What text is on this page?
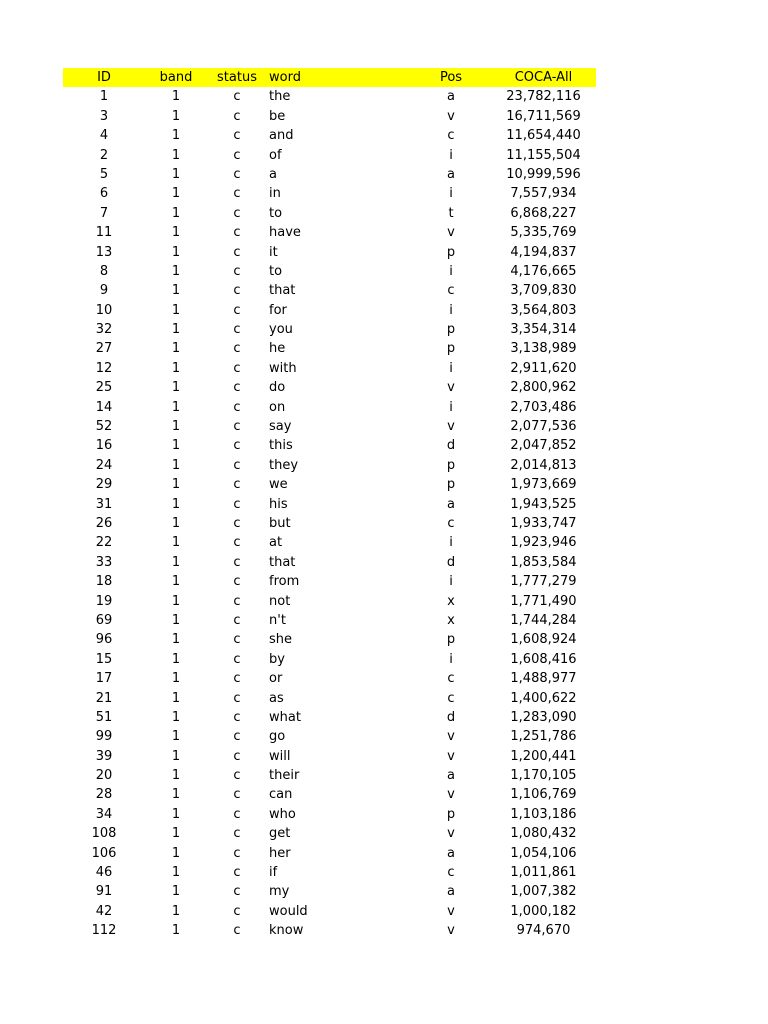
ID	band	status word	Pos	COCA-All
1	1	c	the	a	23,782,116
3	1	c	be	v	16,711,569
4	1	c	and	c	11,654,440
2	1	c	of	i	11,155,504
5	1	c	a	a	10,999,596
6	1	c	in	i	7,557,934
7	1	c	to	t	6,868,227
11	1	c	have	v	5,335,769
13	1	c	it	p	4,194,837
8	1	c	to	i	4,176,665
9	1	c	that	c	3,709,830
10	1	c	for	i	3,564,803
32	1	c	you	p	3,354,314
27	1	c	he	p	3,138,989
12	1	c	with	i	2,911,620
25	1	c	do	v	2,800,962
14	1	c	on	i	2,703,486
52	1	c	say	v	2,077,536
16	1	c	this	d	2,047,852
24	1	c	they	p	2,014,813
29	1	c	we	p	1,973,669
31	1	c	his	a	1,943,525
26	1	c	but	c	1,933,747
22	1	c	at	i	1,923,946
33	1	c	that	d	1,853,584
18	1	c	from	i	1,777,279
19	1	c	not	x	1,771,490
69	1	c	n't	x	1,744,284
96	1	c	she	p	1,608,924
15	1	c	by	i	1,608,416
17	1	c	or	c	1,488,977
21	1	c	as	c	1,400,622
51	1	c	what	d	1,283,090
99	1	c	go	v	1,251,786
39	1	c	will	v	1,200,441
20	1	c	their	a	1,170,105
28	1	c	can	v	1,106,769
34	1	c	who	p	1,103,186
108	1	c	get	v	1,080,432
106	1	c	her	a	1,054,106
46	1	c	if	c	1,011,861
91	1	c	my	a	1,007,382
42	1	c	would	v	1,000,182
112	1	c	know	v	974,670
